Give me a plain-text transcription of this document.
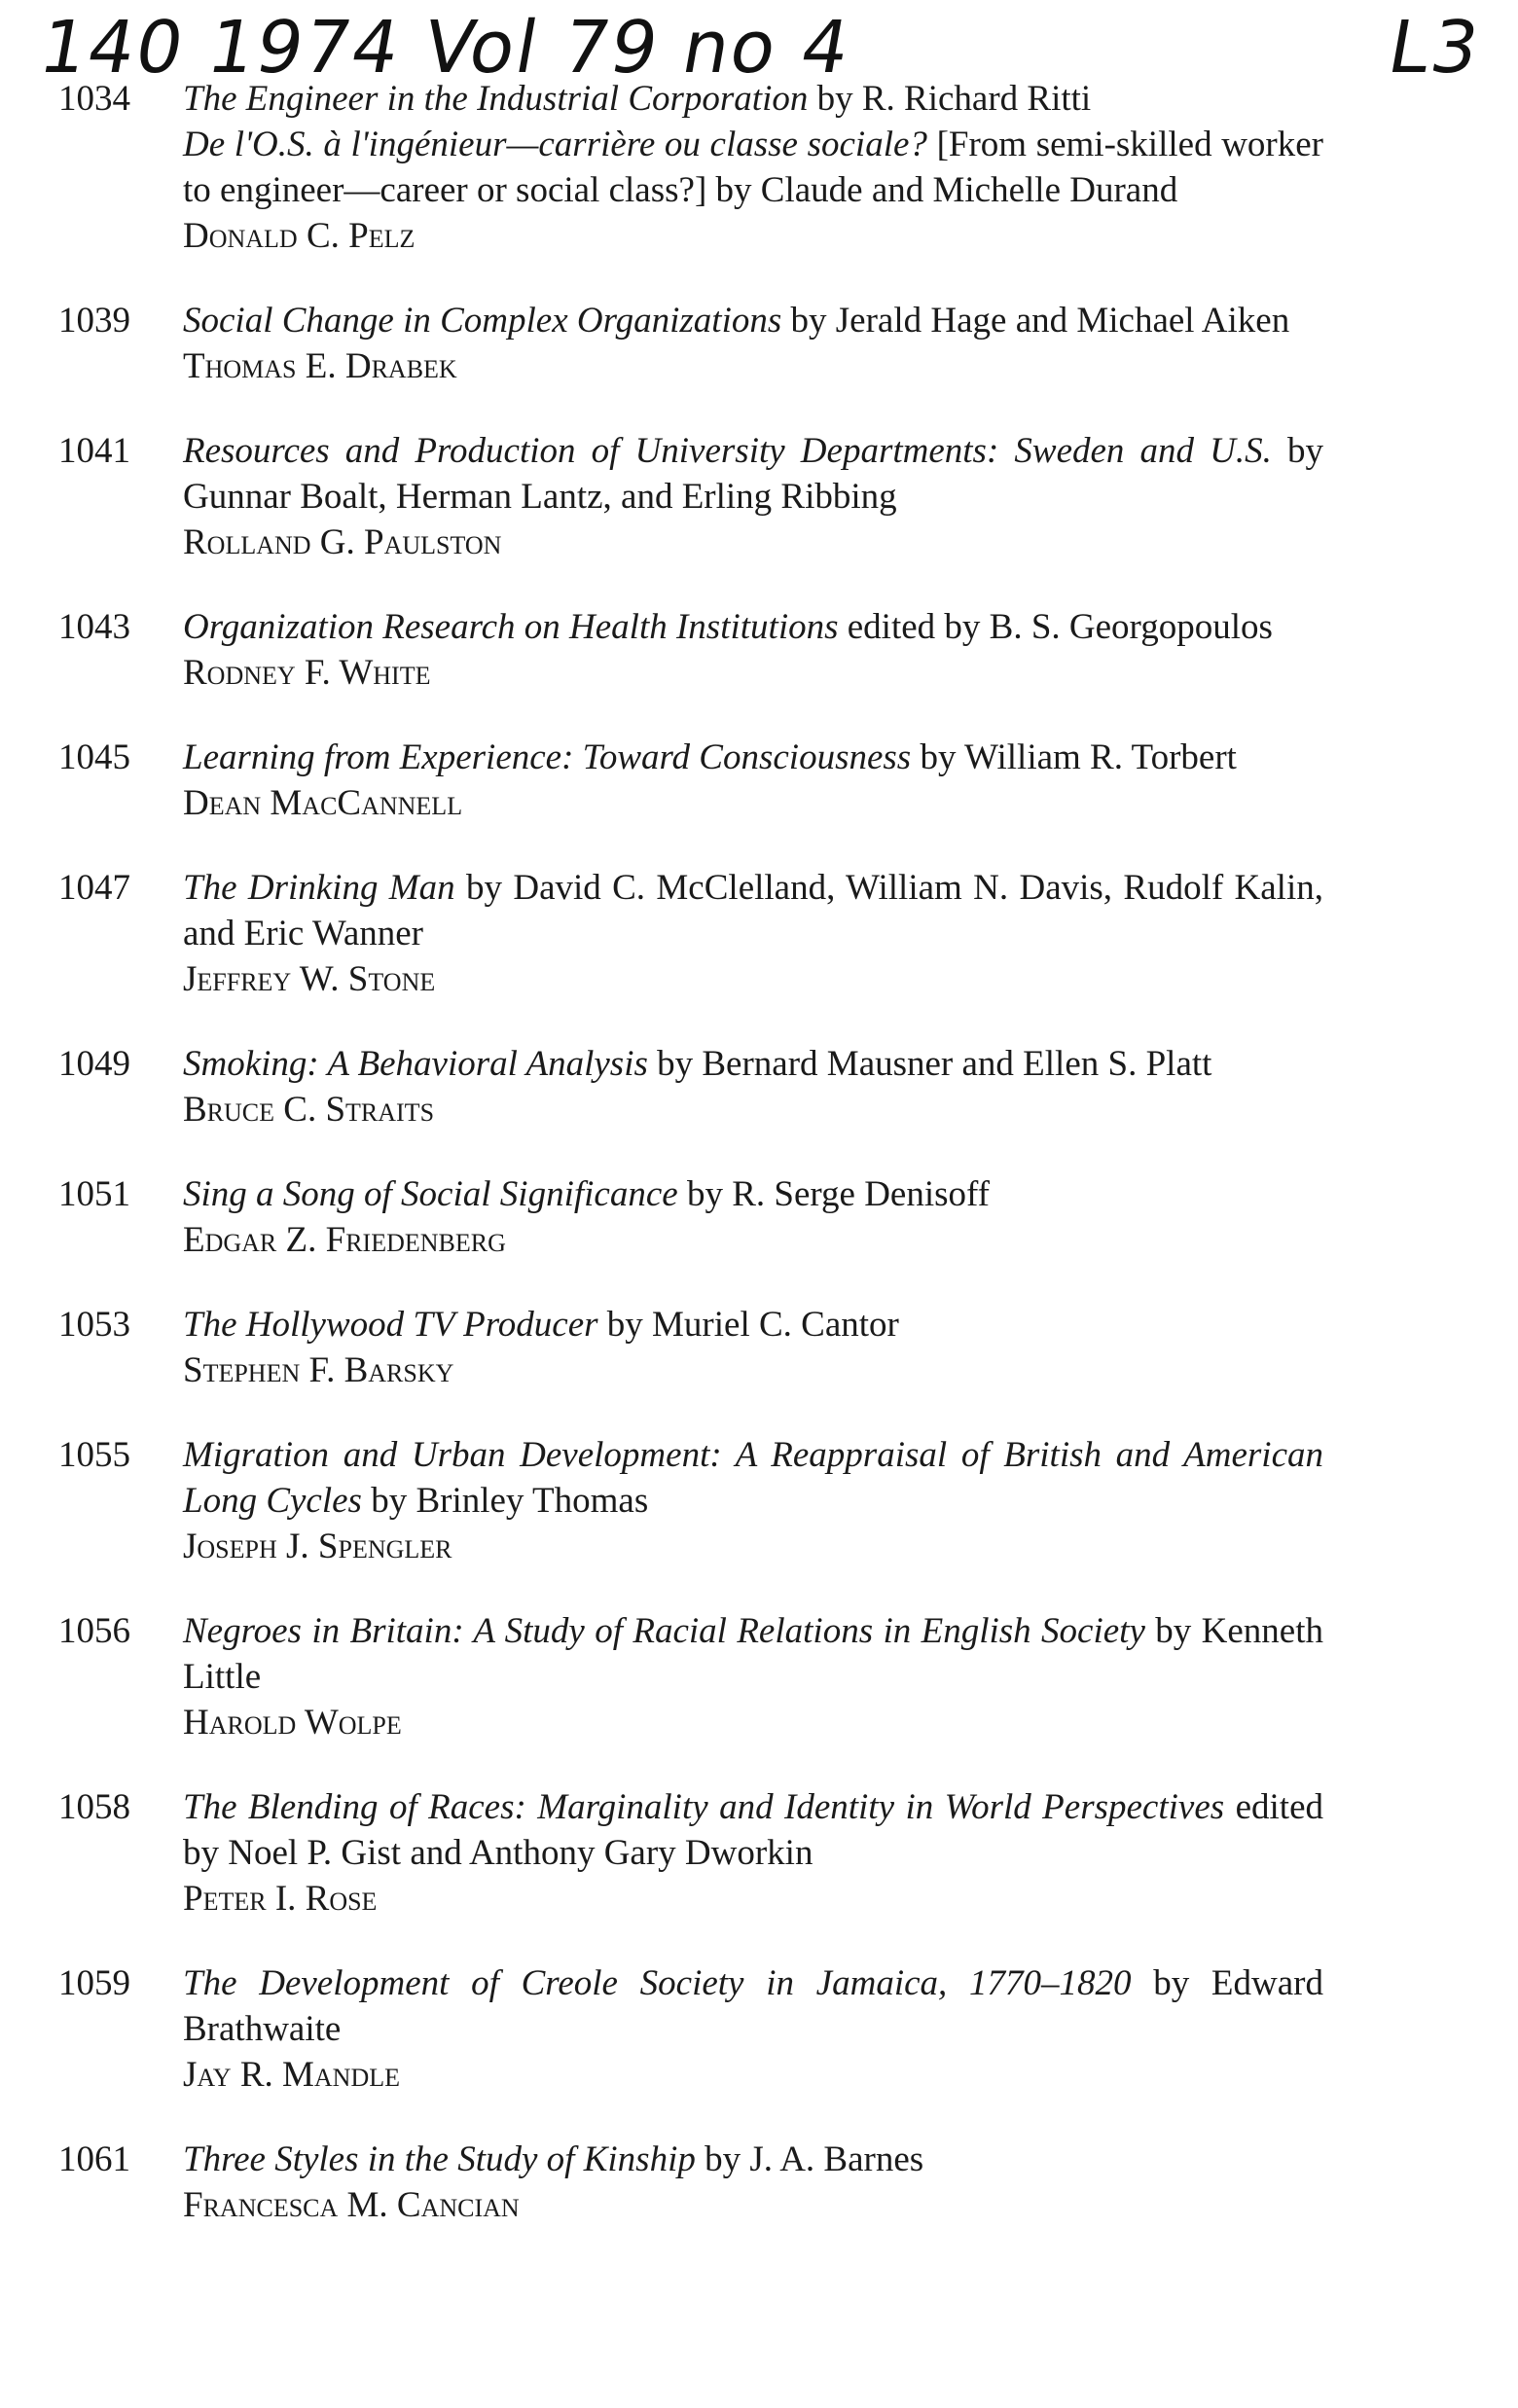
140 1974 Vol 79 no 4	L3
1034	The Engineer in the Industrial Corporation by R. Richard Ritti
De l'O.S. à l'ingénieur—carrière ou classe sociale? [From semi-skilled worker to engineer—career or social class?] by Claude and Michelle Durand
Donald C. Pelz
1039	Social Change in Complex Organizations by Jerald Hage and Michael Aiken
Thomas E. Drabek
1041	Resources and Production of University Departments: Sweden and U.S. by Gunnar Boalt, Herman Lantz, and Erling Ribbing
Rolland G. Paulston
1043	Organization Research on Health Institutions edited by B. S. Georgopoulos
Rodney F. White
1045	Learning from Experience: Toward Consciousness by William R. Torbert
Dean MacCannell
1047	The Drinking Man by David C. McClelland, William N. Davis, Rudolf Kalin, and Eric Wanner
Jeffrey W. Stone
1049	Smoking: A Behavioral Analysis by Bernard Mausner and Ellen S. Platt
Bruce C. Straits
1051	Sing a Song of Social Significance by R. Serge Denisoff
Edgar Z. Friedenberg
1053	The Hollywood TV Producer by Muriel C. Cantor
Stephen F. Barsky
1055	Migration and Urban Development: A Reappraisal of British and American Long Cycles by Brinley Thomas
Joseph J. Spengler
1056	Negroes in Britain: A Study of Racial Relations in English Society by Kenneth Little
Harold Wolpe
1058	The Blending of Races: Marginality and Identity in World Perspectives edited by Noel P. Gist and Anthony Gary Dworkin
Peter I. Rose
1059	The Development of Creole Society in Jamaica, 1770–1820 by Edward Brathwaite
Jay R. Mandle
1061	Three Styles in the Study of Kinship by J. A. Barnes
Francesca M. Cancian
